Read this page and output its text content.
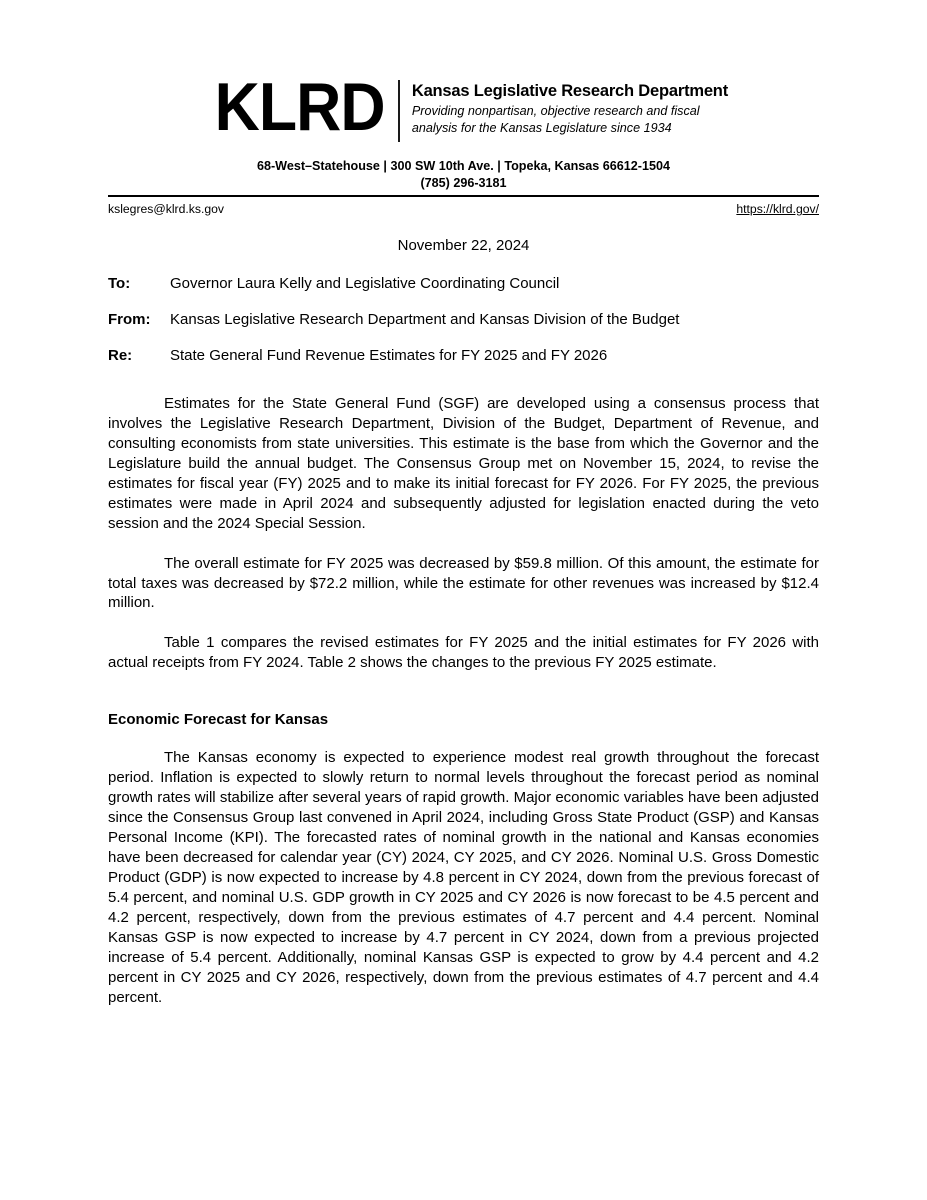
KLRD	Kansas Legislative Research Department
Providing nonpartisan, objective research and fiscal
analysis for the Kansas Legislature since 1934
68-West–Statehouse | 300 SW 10th Ave. | Topeka, Kansas 66612-1504
(785) 296-3181
kslegres@klrd.ks.gov	https://klrd.gov/
November 22, 2024
To:	Governor Laura Kelly and Legislative Coordinating Council
From:	Kansas Legislative Research Department and Kansas Division of the Budget
Re:	State General Fund Revenue Estimates for FY 2025 and FY 2026

Estimates for the State General Fund (SGF) are developed using a consensus process that involves the Legislative Research Department, Division of the Budget, Department of Revenue, and consulting economists from state universities. This estimate is the base from which the Governor and the Legislature build the annual budget. The Consensus Group met on November 15, 2024, to revise the estimates for fiscal year (FY) 2025 and to make its initial forecast for FY 2026. For FY 2025, the previous estimates were made in April 2024 and subsequently adjusted for legislation enacted during the veto session and the 2024 Special Session.

The overall estimate for FY 2025 was decreased by $59.8 million. Of this amount, the estimate for total taxes was decreased by $72.2 million, while the estimate for other revenues was increased by $12.4 million.

Table 1 compares the revised estimates for FY 2025 and the initial estimates for FY 2026 with actual receipts from FY 2024. Table 2 shows the changes to the previous FY 2025 estimate.

Economic Forecast for Kansas

The Kansas economy is expected to experience modest real growth throughout the forecast period. Inflation is expected to slowly return to normal levels throughout the forecast period as nominal growth rates will stabilize after several years of rapid growth. Major economic variables have been adjusted since the Consensus Group last convened in April 2024, including Gross State Product (GSP) and Kansas Personal Income (KPI). The forecasted rates of nominal growth in the national and Kansas economies have been decreased for calendar year (CY) 2024, CY 2025, and CY 2026. Nominal U.S. Gross Domestic Product (GDP) is now expected to increase by 4.8 percent in CY 2024, down from the previous forecast of 5.4 percent, and nominal U.S. GDP growth in CY 2025 and CY 2026 is now forecast to be 4.5 percent and 4.2 percent, respectively, down from the previous estimates of 4.7 percent and 4.4 percent. Nominal Kansas GSP is now expected to increase by 4.7 percent in CY 2024, down from a previous projected increase of 5.4 percent. Additionally, nominal Kansas GSP is expected to grow by 4.4 percent and 4.2 percent in CY 2025 and CY 2026, respectively, down from the previous estimates of 4.7 percent and 4.4 percent.
